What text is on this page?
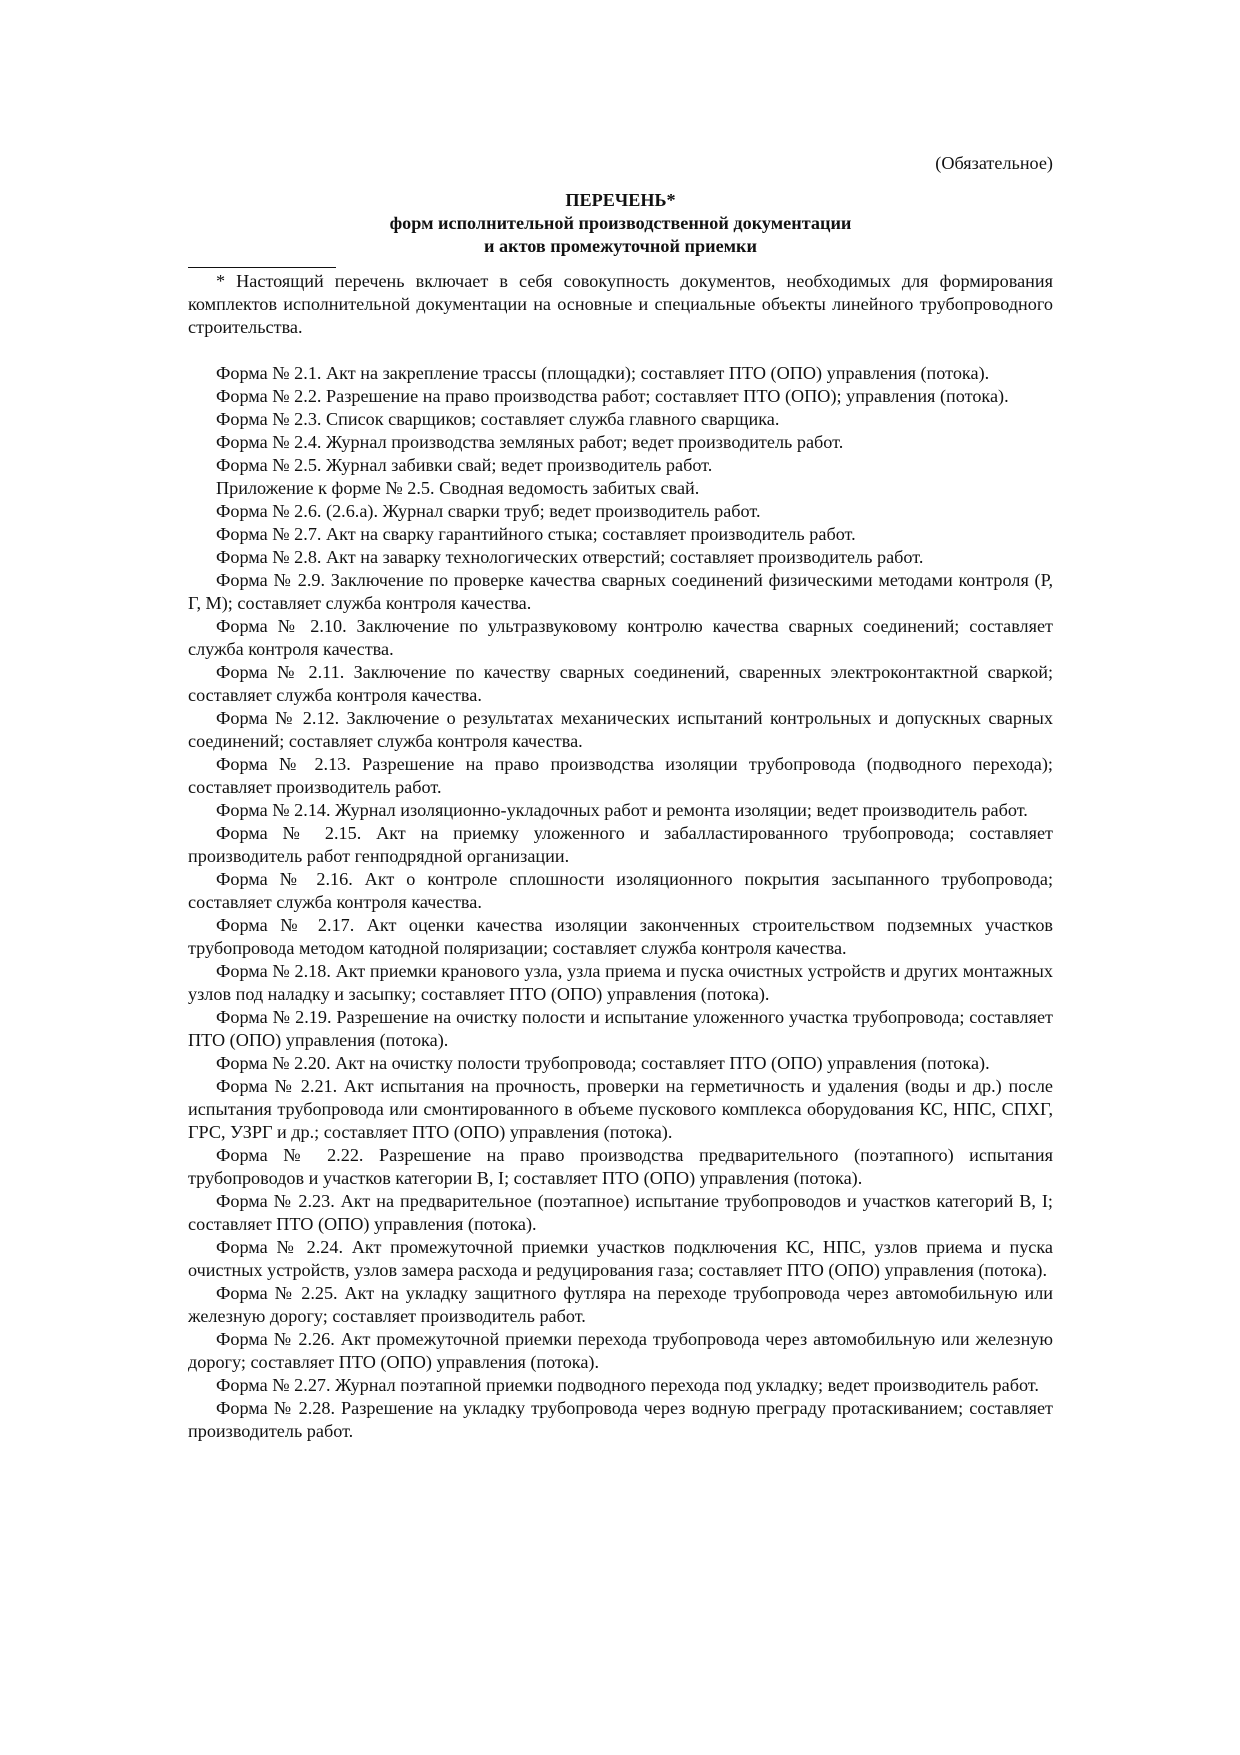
(Обязательное)
ПЕРЕЧЕНЬ*
форм исполнительной производственной документации
и актов промежуточной приемки

* Настоящий перечень включает в себя совокупность документов, необходимых для формирования комплектов исполнительной документации на основные и специальные объекты линейного трубопроводного строительства.

Форма № 2.1. Акт на закрепление трассы (площадки); составляет ПТО (ОПО) управления (потока).

Форма № 2.2. Разрешение на право производства работ; составляет ПТО (ОПО); управления (потока).

Форма № 2.3. Список сварщиков; составляет служба главного сварщика.

Форма № 2.4. Журнал производства земляных работ; ведет производитель работ.

Форма № 2.5. Журнал забивки свай; ведет производитель работ.

Приложение к форме № 2.5. Сводная ведомость забитых свай.

Форма № 2.6. (2.6.а). Журнал сварки труб; ведет производитель работ.

Форма № 2.7. Акт на сварку гарантийного стыка; составляет производитель работ.

Форма № 2.8. Акт на заварку технологических отверстий; составляет производитель работ.

Форма № 2.9. Заключение по проверке качества сварных соединений физическими методами контроля (Р, Г, М); составляет служба контроля качества.

Форма № 2.10. Заключение по ультразвуковому контролю качества сварных соединений; составляет служба контроля качества.

Форма № 2.11. Заключение по качеству сварных соединений, сваренных электроконтактной сваркой; составляет служба контроля качества.

Форма № 2.12. Заключение о результатах механических испытаний контрольных и допускных сварных соединений; составляет служба контроля качества.

Форма № 2.13. Разрешение на право производства изоляции трубопровода (подводного перехода); составляет производитель работ.

Форма № 2.14. Журнал изоляционно-укладочных работ и ремонта изоляции; ведет производитель работ.

Форма № 2.15. Акт на приемку уложенного и забалластированного трубопровода; составляет производитель работ генподрядной организации.

Форма № 2.16. Акт о контроле сплошности изоляционного покрытия засыпанного трубопровода; составляет служба контроля качества.

Форма № 2.17. Акт оценки качества изоляции законченных строительством подземных участков трубопровода методом катодной поляризации; составляет служба контроля качества.

Форма № 2.18. Акт приемки кранового узла, узла приема и пуска очистных устройств и других монтажных узлов под наладку и засыпку; составляет ПТО (ОПО) управления (потока).

Форма № 2.19. Разрешение на очистку полости и испытание уложенного участка трубопровода; составляет ПТО (ОПО) управления (потока).

Форма № 2.20. Акт на очистку полости трубопровода; составляет ПТО (ОПО) управления (потока).

Форма № 2.21. Акт испытания на прочность, проверки на герметичность и удаления (воды и др.) после испытания трубопровода или смонтированного в объеме пускового комплекса оборудования КС, НПС, СПХГ, ГРС, УЗРГ и др.; составляет ПТО (ОПО) управления (потока).

Форма № 2.22. Разрешение на право производства предварительного (поэтапного) испытания трубопроводов и участков категории В, I; составляет ПТО (ОПО) управления (потока).

Форма № 2.23. Акт на предварительное (поэтапное) испытание трубопроводов и участков категорий В, I; составляет ПТО (ОПО) управления (потока).

Форма № 2.24. Акт промежуточной приемки участков подключения КС, НПС, узлов приема и пуска очистных устройств, узлов замера расхода и редуцирования газа; составляет ПТО (ОПО) управления (потока).

Форма № 2.25. Акт на укладку защитного футляра на переходе трубопровода через автомобильную или железную дорогу; составляет производитель работ.

Форма № 2.26. Акт промежуточной приемки перехода трубопровода через автомобильную или железную дорогу; составляет ПТО (ОПО) управления (потока).

Форма № 2.27. Журнал поэтапной приемки подводного перехода под укладку; ведет производитель работ.

Форма № 2.28. Разрешение на укладку трубопровода через водную преграду протаскиванием; составляет производитель работ.
